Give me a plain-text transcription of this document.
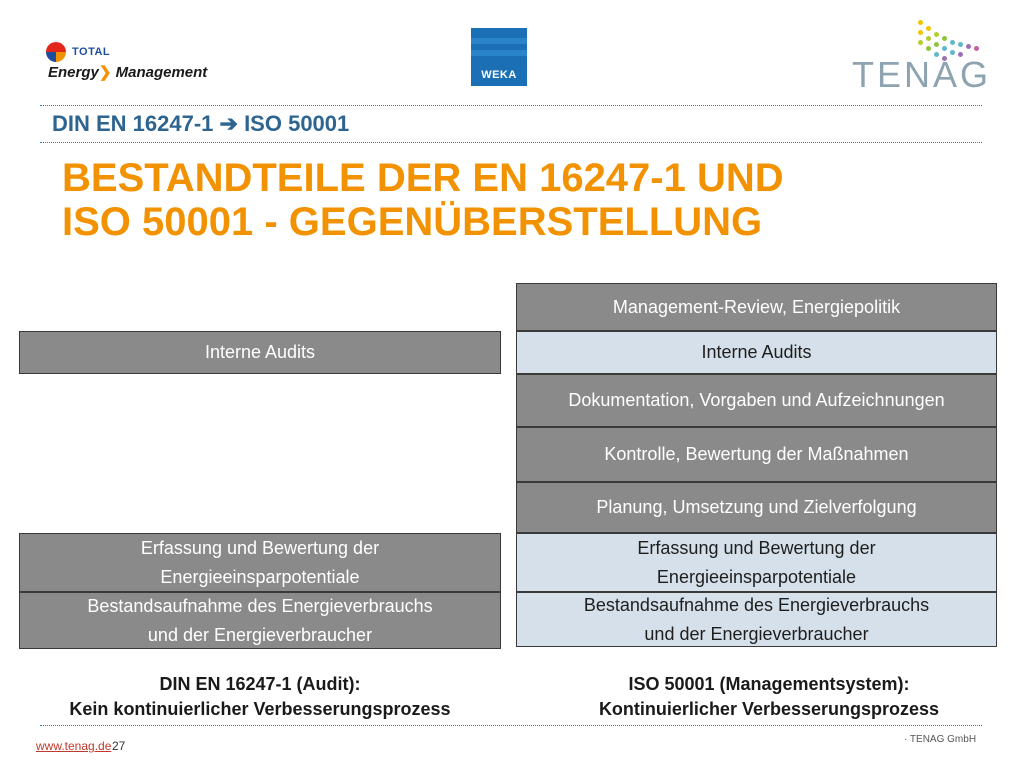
TOTAL
Energy❯ Management	WEKA	TENAG
DIN EN 16247-1 ➔ ISO 50001
BESTANDTEILE DER EN 16247-1 UND
ISO 50001 - GEGENÜBERSTELLUNG
Interne Audits
Erfassung und Bewertung der
Energieeinsparpotentiale
Bestandsaufnahme des Energieverbrauchs
und der Energieverbraucher
DIN EN 16247-1 (Audit):
Kein kontinuierlicher Verbesserungsprozess
Management-Review, Energiepolitik
Interne Audits
Dokumentation, Vorgaben und Aufzeichnungen
Kontrolle, Bewertung der Maßnahmen
Planung, Umsetzung und Zielverfolgung
Erfassung und Bewertung der
Energieeinsparpotentiale
Bestandsaufnahme des Energieverbrauchs
und der Energieverbraucher
ISO 50001 (Managementsystem):
Kontinuierlicher Verbesserungsprozess
www.tenag.de 27	· TENAG GmbH
